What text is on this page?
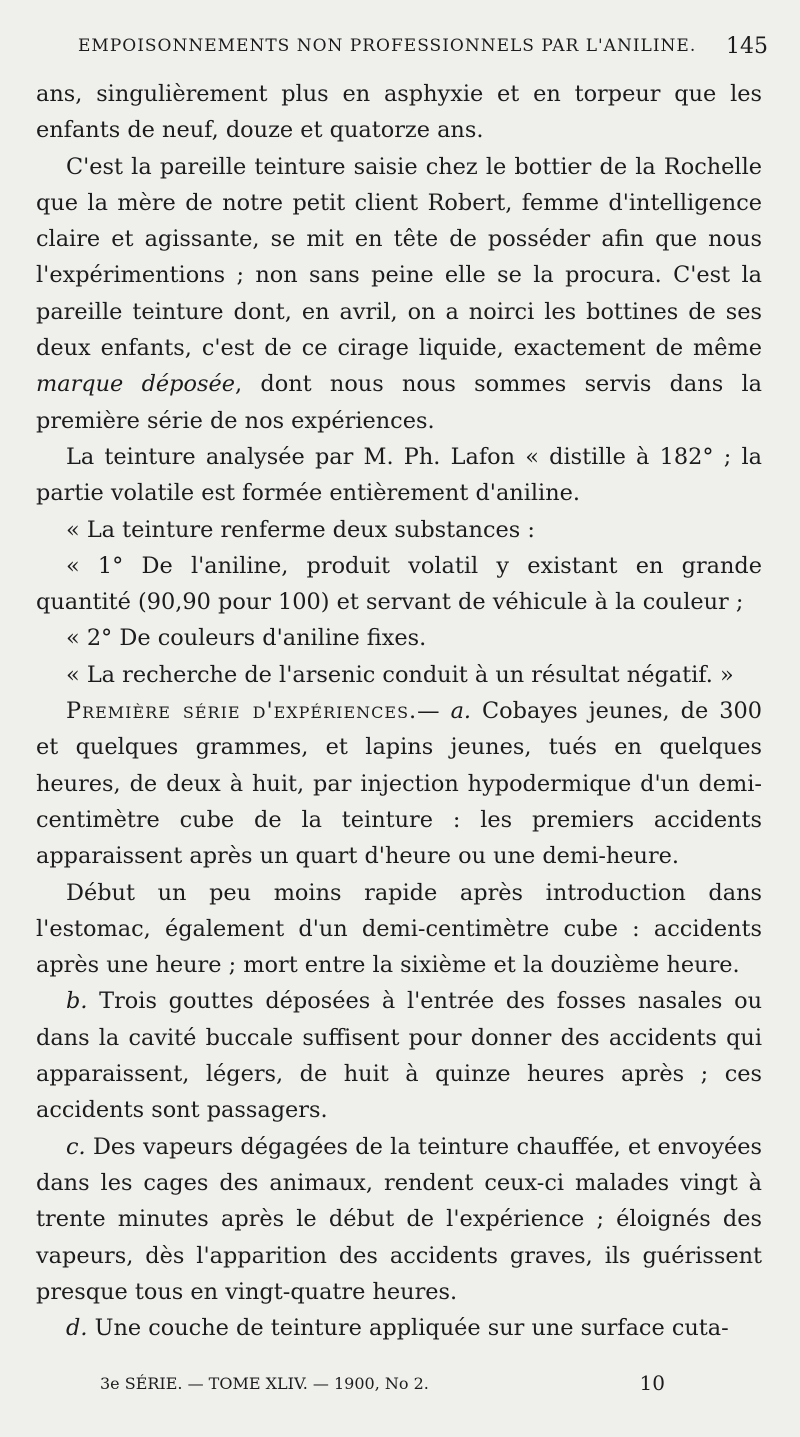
EMPOISONNEMENTS NON PROFESSIONNELS PAR L'ANILINE. 145

ans, singulièrement plus en asphyxie et en torpeur que les enfants de neuf, douze et quatorze ans.

C'est la pareille teinture saisie chez le bottier de la Rochelle que la mère de notre petit client Robert, femme d'intelligence claire et agissante, se mit en tête de posséder afin que nous l'expérimentions ; non sans peine elle se la procura. C'est la pareille teinture dont, en avril, on a noirci les bottines de ses deux enfants, c'est de ce cirage liquide, exactement de même marque déposée, dont nous nous sommes servis dans la première série de nos expériences.

La teinture analysée par M. Ph. Lafon « distille à 182° ; la partie volatile est formée entièrement d'aniline.

« La teinture renferme deux substances :

« 1° De l'aniline, produit volatil y existant en grande quantité (90,90 pour 100) et servant de véhicule à la couleur ;

« 2° De couleurs d'aniline fixes.

« La recherche de l'arsenic conduit à un résultat négatif. »

Première série d'expériences.— a. Cobayes jeunes, de 300 et quelques grammes, et lapins jeunes, tués en quelques heures, de deux à huit, par injection hypodermique d'un demi-centimètre cube de la teinture : les premiers accidents apparaissent après un quart d'heure ou une demi-heure.

Début un peu moins rapide après introduction dans l'estomac, également d'un demi-centimètre cube : accidents après une heure ; mort entre la sixième et la douzième heure.

b. Trois gouttes déposées à l'entrée des fosses nasales ou dans la cavité buccale suffisent pour donner des accidents qui apparaissent, légers, de huit à quinze heures après ; ces accidents sont passagers.

c. Des vapeurs dégagées de la teinture chauffée, et envoyées dans les cages des animaux, rendent ceux-ci malades vingt à trente minutes après le début de l'expérience ; éloignés des vapeurs, dès l'apparition des accidents graves, ils guérissent presque tous en vingt-quatre heures.

d. Une couche de teinture appliquée sur une surface cuta-

3e SÉRIE. — TOME XLIV. — 1900, No 2.	10
